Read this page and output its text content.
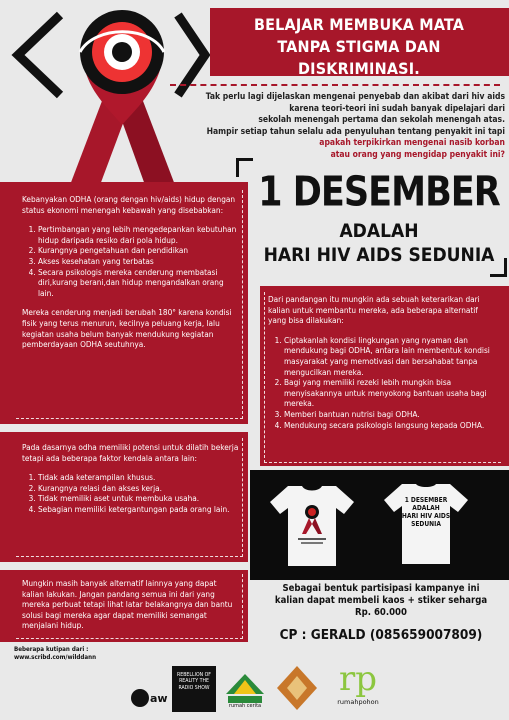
BELAJAR MEMBUKA MATA
TANPA STIGMA DAN DISKRIMINASI.
Tak perlu lagi dijelaskan mengenai penyebab dan akibat dari hiv aids
karena teori-teori ini sudah banyak dipelajari dari
sekolah menengah pertama dan sekolah menengah atas.
Hampir setiap tahun selalu ada penyuluhan tentang penyakit ini tapi
apakah terpikirkan mengenai nasib korban
atau orang yang mengidap penyakit ini?
1 DESEMBER
ADALAH
HARI HIV AIDS SEDUNIA

Kebanyakan ODHA (orang dengan hiv/aids) hidup dengan status ekonomi menengah kebawah yang disebabkan:

1. Pertimbangan yang lebih mengedepankan kebutuhan hidup daripada resiko dari pola hidup.
2. Kurangnya pengetahuan dan pendidikan
3. Akses kesehatan yang terbatas
4. Secara psikologis mereka cenderung membatasi diri,kurang berani,dan hidup mengandalkan orang lain.

Mereka cenderung menjadi berubah 180° karena kondisi fisik yang terus menurun, kecilnya peluang kerja, lalu kegiatan usaha belum banyak mendukung kegiatan pemberdayaan ODHA seutuhnya.

Dari pandangan itu mungkin ada sebuah keterarikan dari kalian untuk membantu mereka, ada beberapa alternatif yang bisa dilakukan:

1. Ciptakanlah kondisi lingkungan yang nyaman dan mendukung bagi ODHA, antara lain membentuk kondisi masyarakat yang memotivasi dan bersahabat tanpa mengucilkan mereka.
2. Bagi yang memiliki rezeki lebih mungkin bisa menyisakannya untuk menyokong bantuan usaha bagi mereka.
3. Memberi bantuan nutrisi bagi ODHA.
4. Mendukung secara psikologis langsung kepada ODHA.

Pada dasarnya odha memiliki potensi untuk dilatih bekerja tetapi ada beberapa faktor kendala antara lain:

1. Tidak ada keterampilan khusus.
2. Kurangnya relasi dan akses kerja.
3. Tidak memiliki aset untuk membuka usaha.
4. Sebagian memiliki ketergantungan pada orang lain.

Mungkin masih banyak alternatif lainnya yang dapat kalian lakukan. Jangan pandang semua ini dari yang mereka perbuat tetapi lihat latar belakangnya dan bantu solusi bagi mereka agar dapat memiliki semangat menjalani hidup.

1 DESEMBER
ADALAH
HARI HIV AIDS
SEDUNIA
Sebagai bentuk partisipasi kampanye ini
kalian dapat membeli kaos + stiker seharga
Rp. 60.000
CP : GERALD (085659007809)
Beberapa kutipan dari :
www.scribd.com/wilddann
aw
REBELLION OF REALITY THE RADIO SHOW
rumah cerita
rp
rumahpohon
